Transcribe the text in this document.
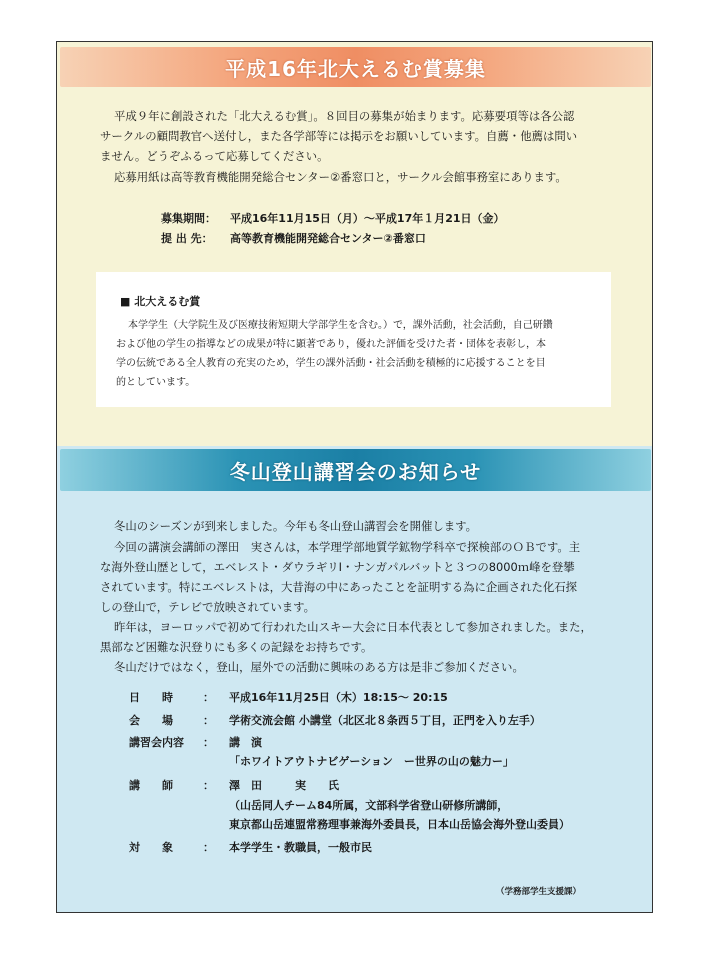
平成16年北大えるむ賞募集

平成９年に創設された「北大えるむ賞」。８回目の募集が始まります。応募要項等は各公認

サークルの顧問教官へ送付し，また各学部等には掲示をお願いしています。自薦・他薦は問い

ません。どうぞふるって応募してください。

応募用紙は高等教育機能開発総合センター②番窓口と，サークル会館事務室にあります。

募集期間： 平成16年11月15日（月）～平成17年１月21日（金）
提 出 先： 高等教育機能開発総合センター②番窓口
■ 北大えるむ賞

本学学生（大学院生及び医療技術短期大学部学生を含む。）で，課外活動，社会活動，自己研鑽

および他の学生の指導などの成果が特に顕著であり，優れた評価を受けた者・団体を表彰し，本

学の伝統である全人教育の充実のため，学生の課外活動・社会活動を積極的に応援することを目

的としています。

冬山登山講習会のお知らせ

冬山のシーズンが到来しました。今年も冬山登山講習会を開催します。

今回の講演会講師の澤田　実さんは，本学理学部地質学鉱物学科卒で探検部のＯＢです。主

な海外登山歴として，エベレスト・ダウラギリⅠ・ナンガパルバットと３つの8000ｍ峰を登攀

されています。特にエベレストは，大昔海の中にあったことを証明する為に企画された化石探

しの登山で，テレビで放映されています。

昨年は，ヨーロッパで初めて行われた山スキー大会に日本代表として参加されました。また，

黒部など困難な沢登りにも多くの記録をお持ちです。

冬山だけではなく，登山，屋外での活動に興味のある方は是非ご参加ください。

日　　時	： 平成16年11月25日（木）18:15～ 20:15
会　　場	： 学術交流会館 小講堂（北区北８条西５丁目，正門を入り左手）
講習会内容 ： 講　演
「ホワイトアウトナビゲーション　ー世界の山の魅力ー」
講　　師	： 澤　田　　　実　　氏
（山岳同人チーム84所属，文部科学省登山研修所講師，
東京都山岳連盟常務理事兼海外委員長，日本山岳協会海外登山委員）
対　　象	： 本学学生・教職員，一般市民
（学務部学生支援課）
